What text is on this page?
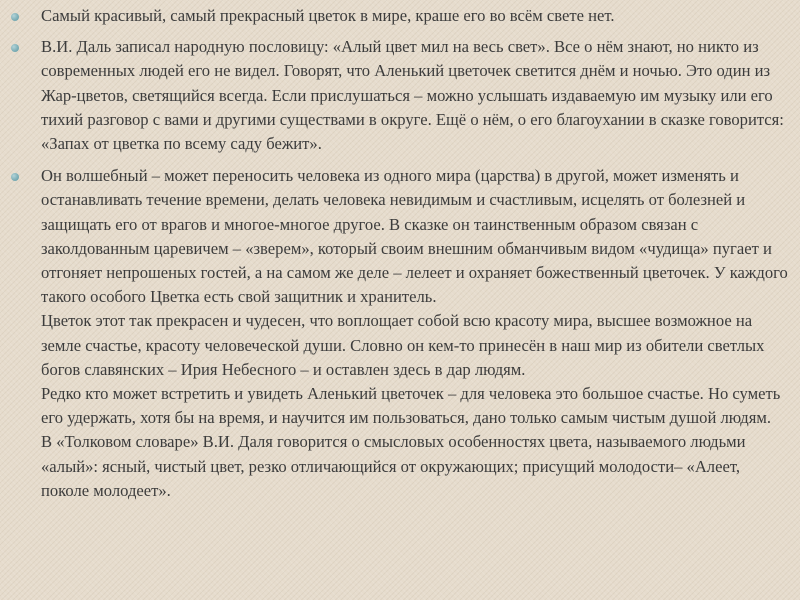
Самый красивый, самый прекрасный цветок в мире, краше его во всём свете нет.
В.И. Даль записал народную пословицу: «Алый цвет мил на весь свет». Все о нём знают, но никто из современных людей его не видел. Говорят, что Аленький цветочек светится днём и ночью. Это один из Жар-цветов, светящийся всегда. Если прислушаться – можно услышать издаваемую им музыку или его тихий разговор с вами и другими существами в округе. Ещё о нём, о его благоухании в сказке говорится: «Запах от цветка по всему саду бежит».
Он волшебный – может переносить человека из одного мира (царства) в другой, может изменять и останавливать течение времени, делать человека невидимым и счастливым, исцелять от болезней и защищать его от врагов и многое-многое другое. В сказке он таинственным образом связан с заколдованным царевичем – «зверем», который своим внешним обманчивым видом «чудища» пугает и отгоняет непрошеных гостей, а на самом же деле – лелеет и охраняет божественный цветочек. У каждого такого особого Цветка есть свой защитник и хранитель.
Цветок этот так прекрасен и чудесен, что воплощает собой всю красоту мира, высшее возможное на земле счастье, красоту человеческой души. Словно он кем-то принесён в наш мир из обители светлых богов славянских – Ирия Небесного – и оставлен здесь в дар людям.
Редко кто может встретить и увидеть Аленький цветочек – для человека это большое счастье. Но суметь его удержать, хотя бы на время, и научится им пользоваться, дано только самым чистым душой людям.
В «Толковом словаре» В.И. Даля говорится о смысловых особенностях цвета, называемого людьми «алый»: ясный, чистый цвет, резко отличающийся от окружающих; присущий молодости– «Алеет, поколе молодеет».
